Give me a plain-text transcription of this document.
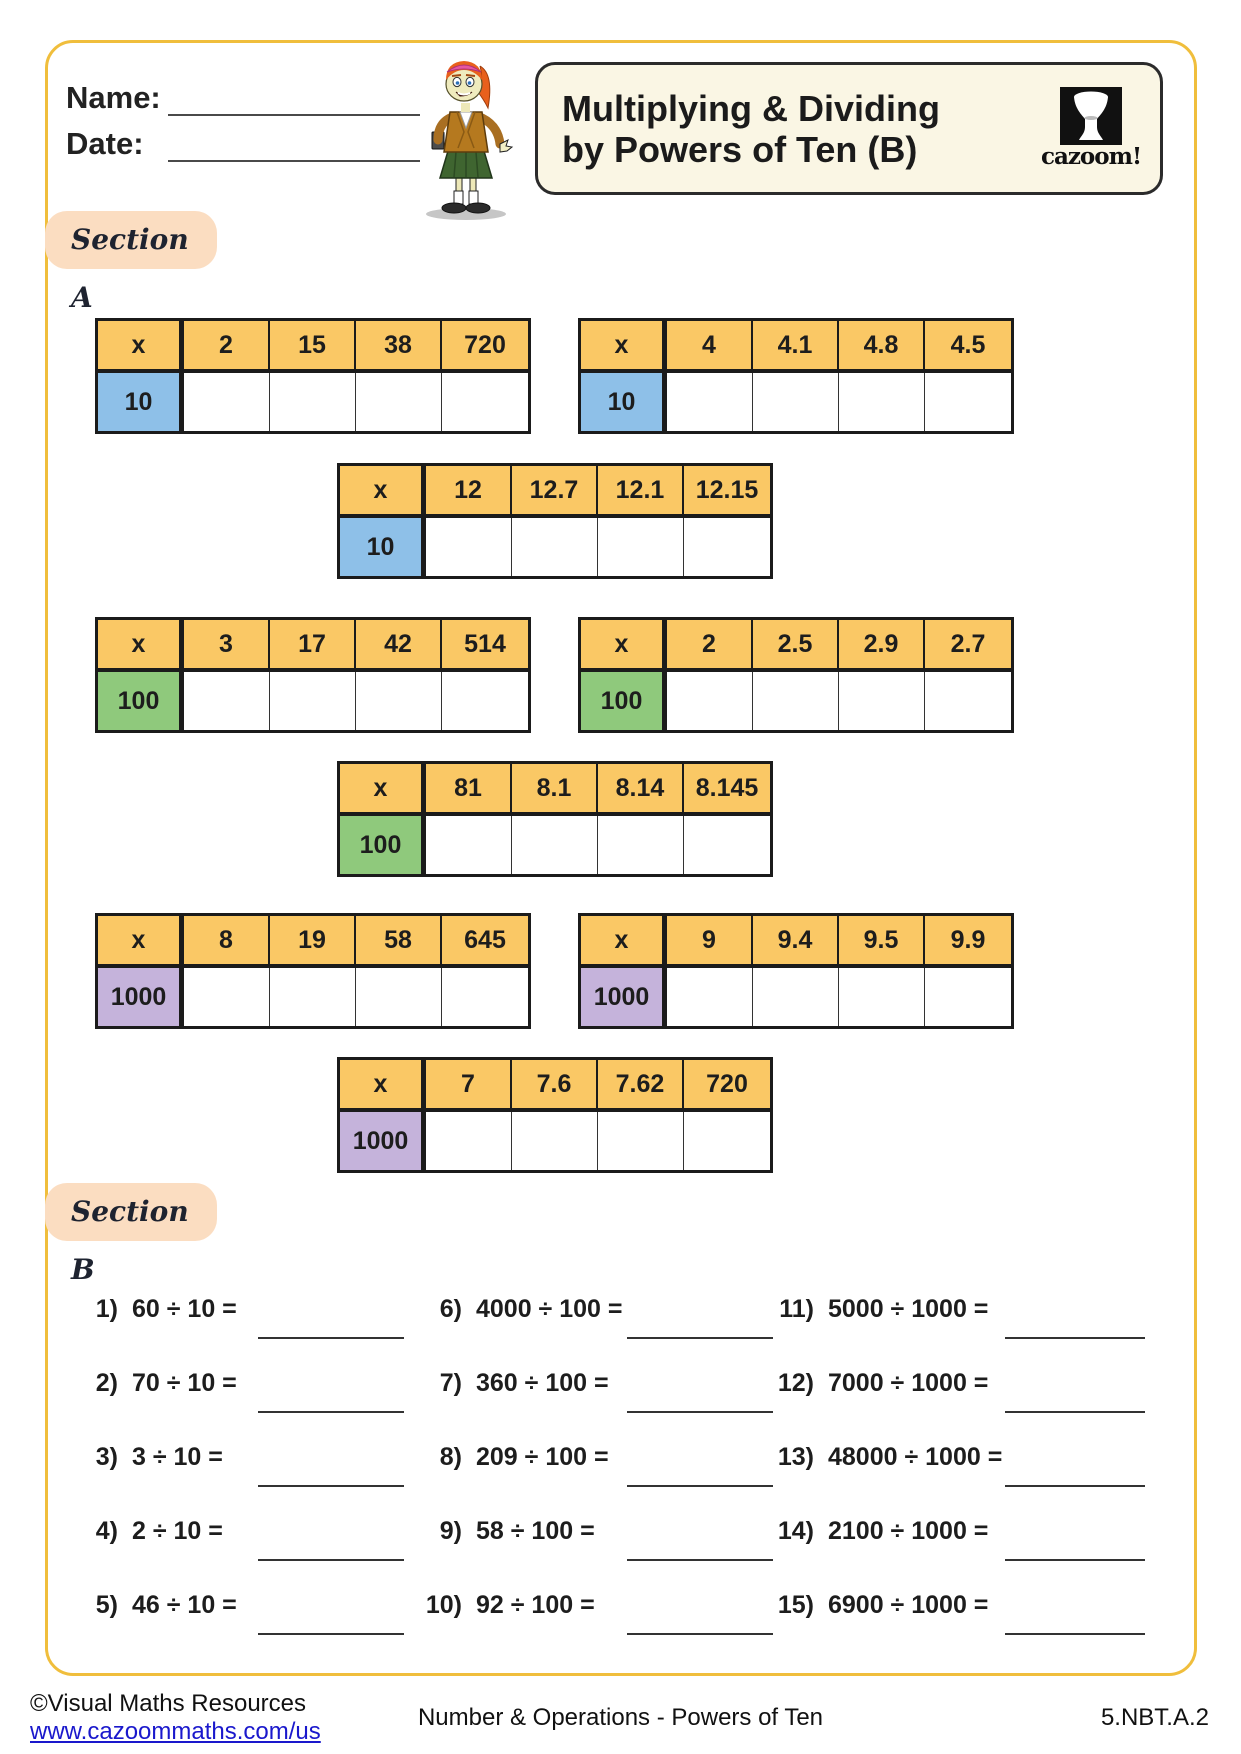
Name:
Date:
Multiplying & Dividing
by Powers of Ten (B)	cazoom!
Section A
x	2	15	38	720
10
x	4	4.1	4.8	4.5
10
x	12	12.7	12.1	12.15
10
x	3	17	42	514
100
x	2	2.5	2.9	2.7
100
x	81	8.1	8.14	8.145
100
x	8	19	58	645
1000
x	9	9.4	9.5	9.9
1000
x	7	7.6	7.62	720
1000
Section B
1) 60 ÷ 10 =
2) 70 ÷ 10 =
3) 3 ÷ 10 =
4) 2 ÷ 10 =
5) 46 ÷ 10 =
6) 4000 ÷ 100 =
7) 360 ÷ 100 =
8) 209 ÷ 100 =
9) 58 ÷ 100 =
10) 92 ÷ 100 =
11) 5000 ÷ 1000 =
12) 7000 ÷ 1000 =
13) 48000 ÷ 1000 =
14) 2100 ÷ 1000 =
15) 6900 ÷ 1000 =
©Visual Maths Resources
www.cazoommaths.com/us
Number & Operations - Powers of Ten	5.NBT.A.2
